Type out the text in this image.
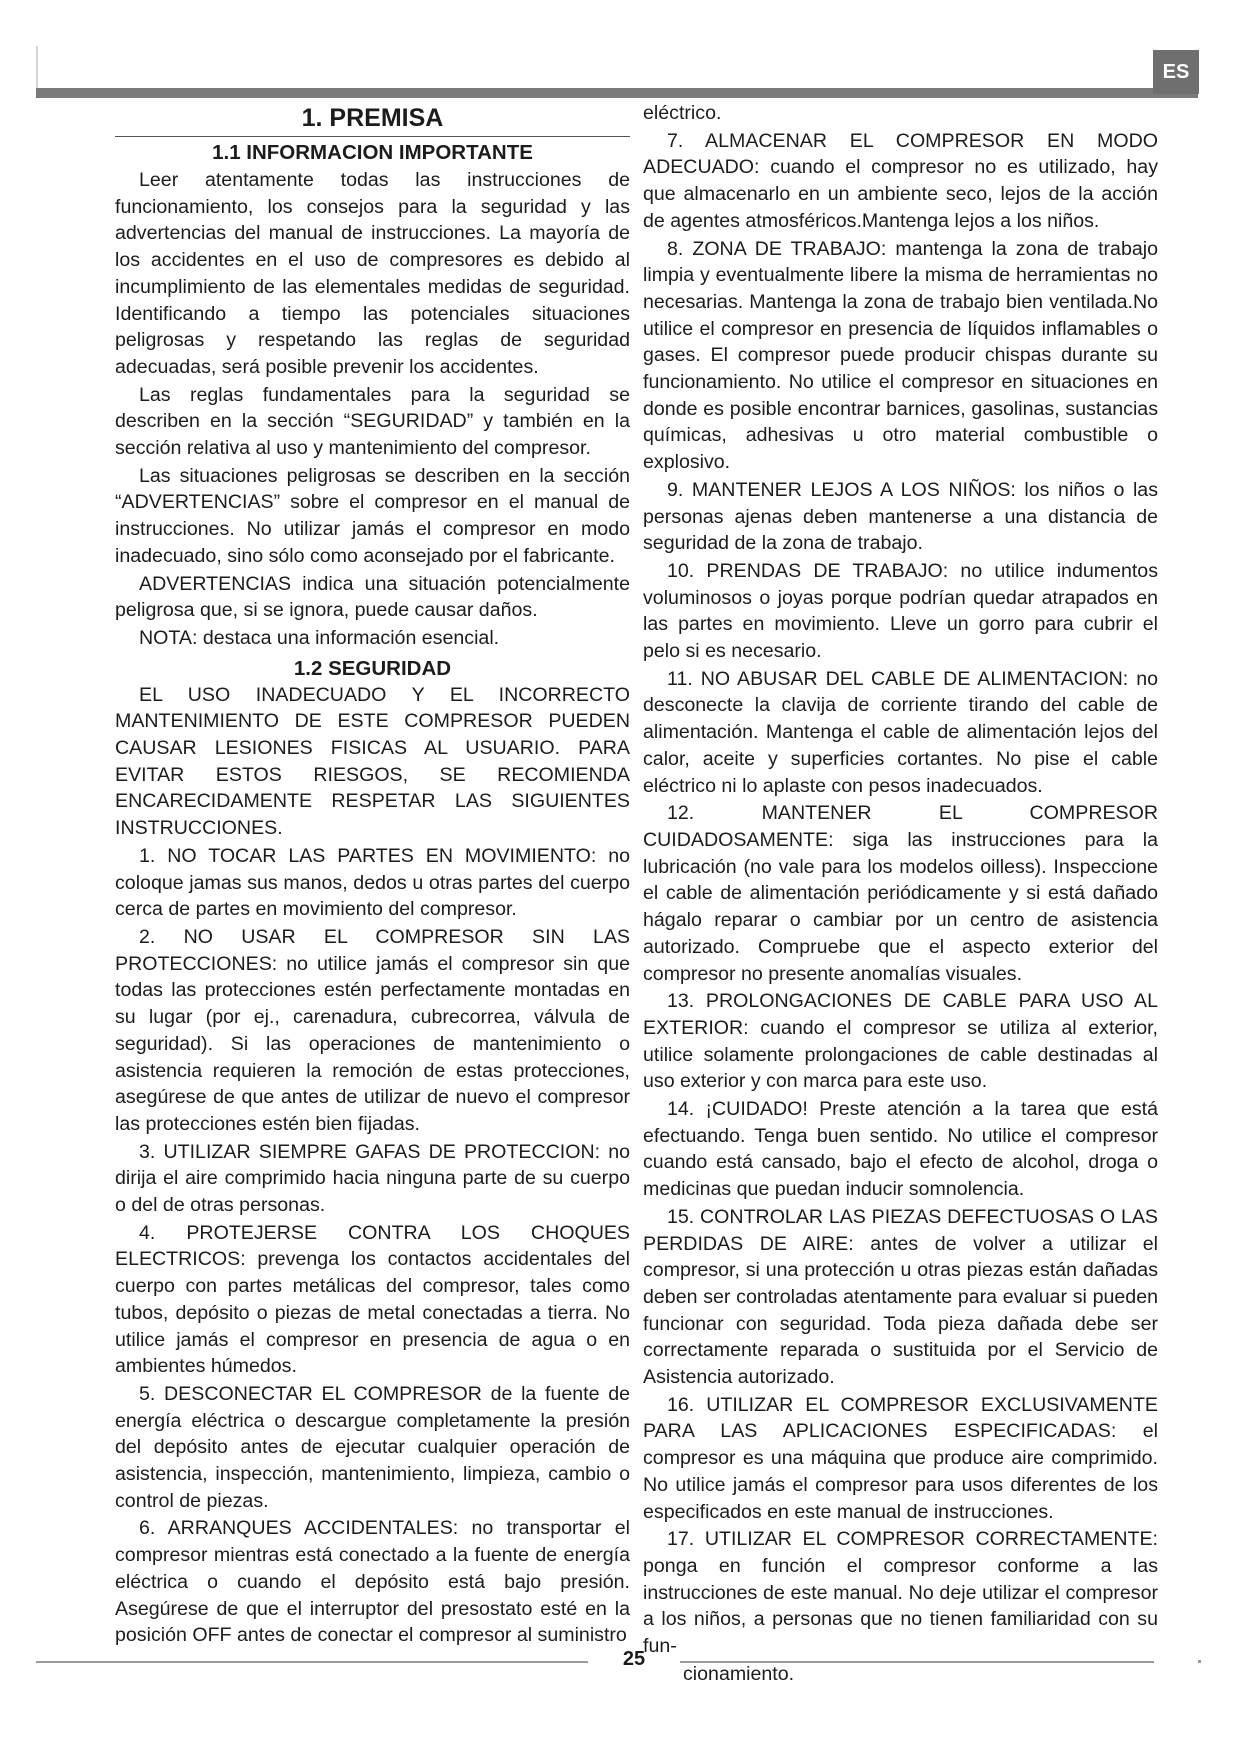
ES
1. PREMISA
1.1 INFORMACION IMPORTANTE

Leer atentamente todas las instrucciones de funcionamiento, los consejos para la seguridad y las advertencias del manual de instrucciones. La mayoría de los accidentes en el uso de compresores es debido al incumplimiento de las elementales medidas de seguridad. Identificando a tiempo las potenciales situaciones peligrosas y respetando las reglas de seguridad adecuadas, será posible prevenir los accidentes.

Las reglas fundamentales para la seguridad se describen en la sección “SEGURIDAD” y también en la sección relativa al uso y mantenimiento del compresor.

Las situaciones peligrosas se describen en la sección “ADVERTENCIAS” sobre el compresor en el manual de instrucciones. No utilizar jamás el compresor en modo inadecuado, sino sólo como aconsejado por el fabricante.

ADVERTENCIAS indica una situación potencialmente peligrosa que, si se ignora, puede causar daños.

NOTA: destaca una información esencial.

1.2 SEGURIDAD

EL USO INADECUADO Y EL INCORRECTO MANTENIMIENTO DE ESTE COMPRESOR PUEDEN CAUSAR LESIONES FISICAS AL USUARIO. PARA EVITAR ESTOS RIESGOS, SE RECOMIENDA ENCARECIDAMENTE RESPETAR LAS SIGUIENTES INSTRUCCIONES.

1. NO TOCAR LAS PARTES EN MOVIMIENTO: no coloque jamas sus manos, dedos u otras partes del cuerpo cerca de partes en movimiento del compresor.

2. NO USAR EL COMPRESOR SIN LAS PROTECCIONES: no utilice jamás el compresor sin que todas las protecciones estén perfectamente montadas en su lugar (por ej., carenadura, cubrecorrea, válvula de seguridad). Si las operaciones de mantenimiento o asistencia requieren la remoción de estas protecciones, asegúrese de que antes de utilizar de nuevo el compresor las protecciones estén bien fijadas.

3. UTILIZAR SIEMPRE GAFAS DE PROTECCION: no dirija el aire comprimido hacia ninguna parte de su cuerpo o del de otras personas.

4. PROTEJERSE CONTRA LOS CHOQUES ELECTRICOS: prevenga los contactos accidentales del cuerpo con partes metálicas del compresor, tales como tubos, depósito o piezas de metal conectadas a tierra. No utilice jamás el compresor en presencia de agua o en ambientes húmedos.

5. DESCONECTAR EL COMPRESOR de la fuente de energía eléctrica o descargue completamente la presión del depósito antes de ejecutar cualquier operación de asistencia, inspección, mantenimiento, limpieza, cambio o control de piezas.

6. ARRANQUES ACCIDENTALES: no transportar el compresor mientras está conectado a la fuente de energía eléctrica o cuando el depósito está bajo presión. Asegúrese de que el interruptor del presostato esté en la posición OFF antes de conectar el compresor al suministro

eléctrico.

7. ALMACENAR EL COMPRESOR EN MODO ADECUADO: cuando el compresor no es utilizado, hay que almacenarlo en un ambiente seco, lejos de la acción de agentes atmosféricos.Mantenga lejos a los niños.

8. ZONA DE TRABAJO: mantenga la zona de trabajo limpia y eventualmente libere la misma de herramientas no necesarias. Mantenga la zona de trabajo bien ventilada.No utilice el compresor en presencia de líquidos inflamables o gases. El compresor puede producir chispas durante su funcionamiento. No utilice el compresor en situaciones en donde es posible encontrar barnices, gasolinas, sustancias químicas, adhesivas u otro material combustible o explosivo.

9. MANTENER LEJOS A LOS NIÑOS: los niños o las personas ajenas deben mantenerse a una distancia de seguridad de la zona de trabajo.

10. PRENDAS DE TRABAJO: no utilice indumentos voluminosos o joyas porque podrían quedar atrapados en las partes en movimiento. Lleve un gorro para cubrir el pelo si es necesario.

11. NO ABUSAR DEL CABLE DE ALIMENTACION: no desconecte la clavija de corriente tirando del cable de alimentación. Mantenga el cable de alimentación lejos del calor, aceite y superficies cortantes. No pise el cable eléctrico ni lo aplaste con pesos inadecuados.

12. MANTENER EL COMPRESOR CUIDADOSAMENTE: siga las instrucciones para la lubricación (no vale para los modelos oilless). Inspeccione el cable de alimentación periódicamente y si está dañado hágalo reparar o cambiar por un centro de asistencia autorizado. Compruebe que el aspecto exterior del compresor no presente anomalías visuales.

13. PROLONGACIONES DE CABLE PARA USO AL EXTERIOR: cuando el compresor se utiliza al exterior, utilice solamente prolongaciones de cable destinadas al uso exterior y con marca para este uso.

14. ¡CUIDADO! Preste atención a la tarea que está efectuando. Tenga buen sentido. No utilice el compresor cuando está cansado, bajo el efecto de alcohol, droga o medicinas que puedan inducir somnolencia.

15. CONTROLAR LAS PIEZAS DEFECTUOSAS O LAS PERDIDAS DE AIRE: antes de volver a utilizar el compresor, si una protección u otras piezas están dañadas deben ser controladas atentamente para evaluar si pueden funcionar con seguridad. Toda pieza dañada debe ser correctamente reparada o sustituida por el Servicio de Asistencia autorizado.

16. UTILIZAR EL COMPRESOR EXCLUSIVAMENTE PARA LAS APLICACIONES ESPECIFICADAS: el compresor es una máquina que produce aire comprimido. No utilice jamás el compresor para usos diferentes de los especificados en este manual de instrucciones.

17. UTILIZAR EL COMPRESOR CORRECTAMENTE: ponga en función el compresor conforme a las instrucciones de este manual. No deje utilizar el compresor a los niños, a personas que no tienen familiaridad con su fun-

cionamiento.

25
